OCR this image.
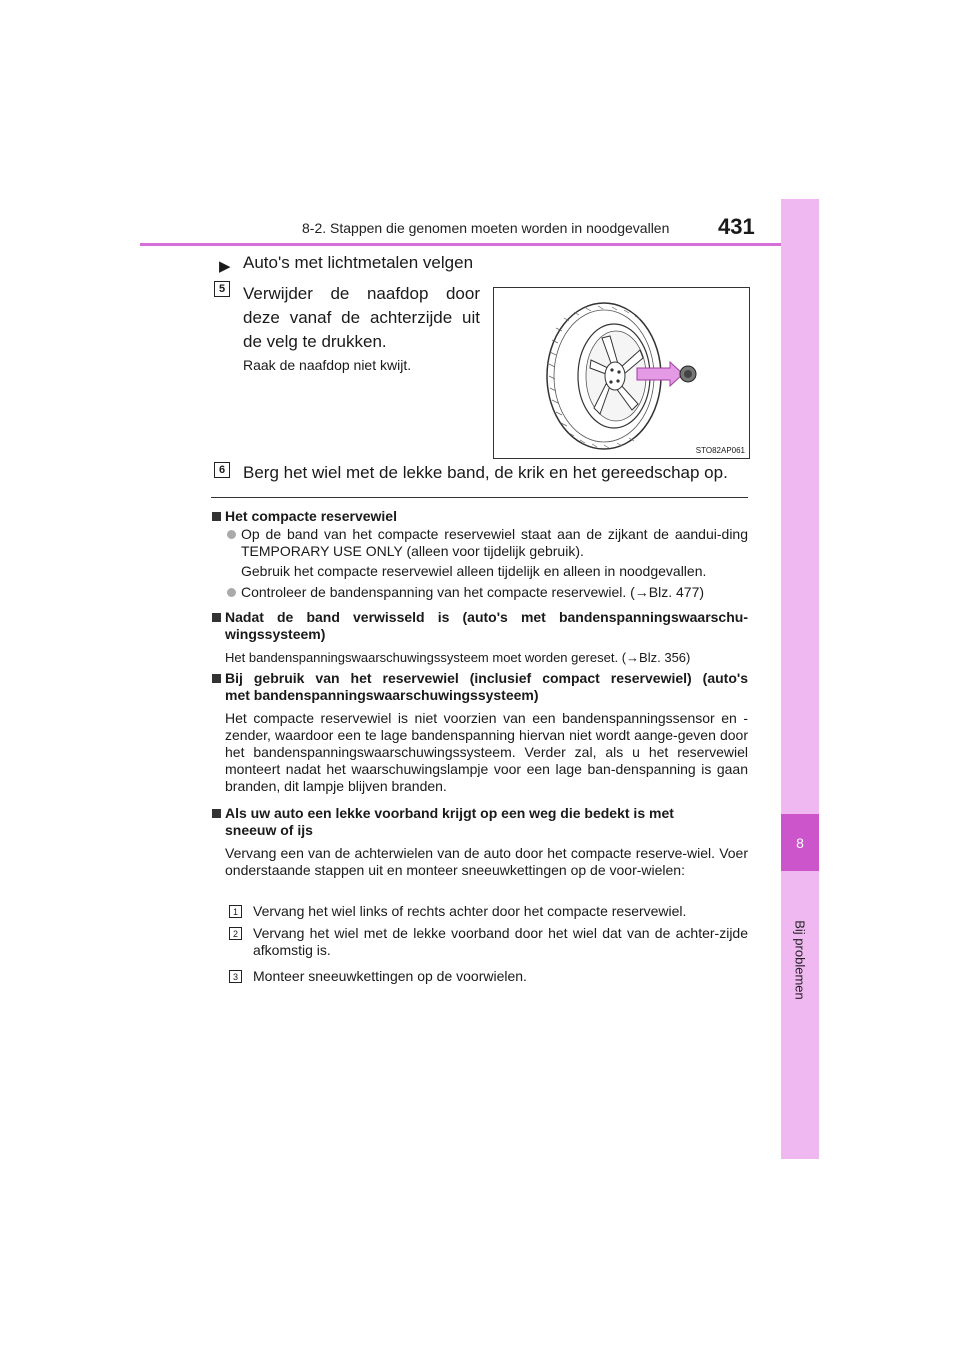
8-2. Stappen die genomen moeten worden in noodgevallen 431
8
Bij problemen
▶ Auto's met lichtmetalen velgen
5 Verwijder de naafdop door deze vanaf de achterzijde uit de velg te drukken.
Raak de naafdop niet kwijt.
STO82AP061
6 Berg het wiel met de lekke band, de krik en het gereedschap op.
Het compacte reservewiel
Op de band van het compacte reservewiel staat aan de zijkant de aandui-ding TEMPORARY USE ONLY (alleen voor tijdelijk gebruik).
Gebruik het compacte reservewiel alleen tijdelijk en alleen in noodgevallen.
Controleer de bandenspanning van het compacte reservewiel. (→Blz. 477)
Nadat de band verwisseld is (auto's met bandenspanningswaarschu-
wingssysteem)
Het bandenspanningswaarschuwingssysteem moet worden gereset. (→Blz. 356)
Bij gebruik van het reservewiel (inclusief compact reservewiel) (auto's
met bandenspanningswaarschuwingssysteem)
Het compacte reservewiel is niet voorzien van een bandenspanningssensor en -zender, waardoor een te lage bandenspanning hiervan niet wordt aange-geven door het bandenspanningswaarschuwingssysteem. Verder zal, als u het reservewiel monteert nadat het waarschuwingslampje voor een lage ban-denspanning is gaan branden, dit lampje blijven branden.
Als uw auto een lekke voorband krijgt op een weg die bedekt is met
sneeuw of ijs
Vervang een van de achterwielen van de auto door het compacte reserve-wiel. Voer onderstaande stappen uit en monteer sneeuwkettingen op de voor-wielen:
1 Vervang het wiel links of rechts achter door het compacte reservewiel.
2 Vervang het wiel met de lekke voorband door het wiel dat van de achter-zijde afkomstig is.
3 Monteer sneeuwkettingen op de voorwielen.
